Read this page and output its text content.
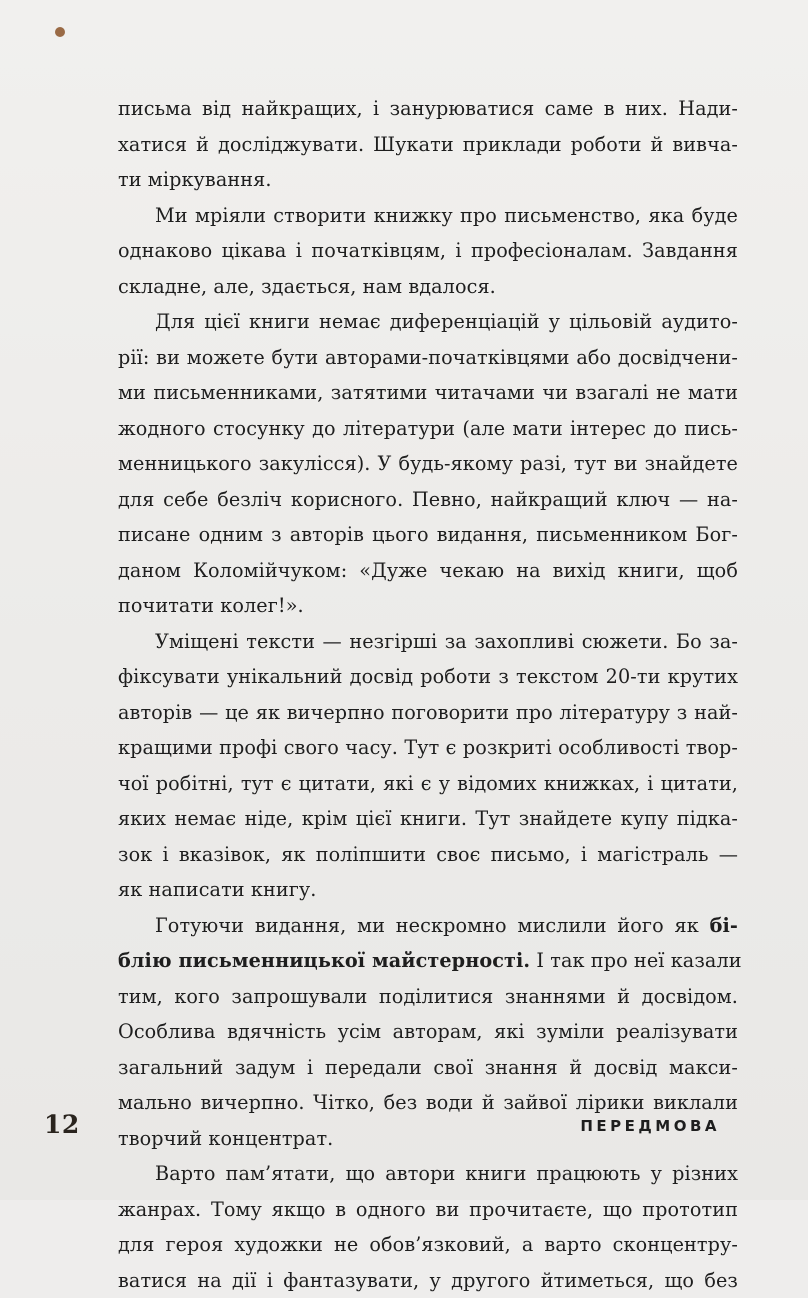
письма від найкращих, і занурюватися саме в них. Нади-
хатися й досліджувати. Шукати приклади роботи й вивча-
ти міркування.
Ми мріяли створити книжку про письменство, яка буде
однаково цікава і початківцям, і професіоналам. Завдання
складне, але, здається, нам вдалося.
Для цієї книги немає диференціацій у цільовій аудито-
рії: ви можете бути авторами-початківцями або досвідчени-
ми письменниками, затятими читачами чи взагалі не мати
жодного стосунку до літератури (але мати інтерес до пись-
менницького закулісся). У будь-якому разі, тут ви знайдете
для себе безліч корисного. Певно, найкращий ключ — на-
писане одним з авторів цього видання, письменником Бог-
даном Коломійчуком: «Дуже чекаю на вихід книги, щоб
почитати колег!».
Уміщені тексти — незгірші за захопливі сюжети. Бо за-
фіксувати унікальний досвід роботи з текстом 20-ти крутих
авторів — це як вичерпно поговорити про літературу з най-
кращими профі свого часу. Тут є розкриті особливості твор-
чої робітні, тут є цитати, які є у відомих книжках, і цитати,
яких немає ніде, крім цієї книги. Тут знайдете купу підка-
зок і вказівок, як поліпшити своє письмо, і магістраль —
як написати книгу.
Готуючи видання, ми нескромно мислили його як бі-
блію письменницької майстерності. І так про неї казали
тим, кого запрошували поділитися знаннями й досвідом.
Особлива вдячність усім авторам, які зуміли реалізувати
загальний задум і передали свої знання й досвід макси-
мально вичерпно. Чітко, без води й зайвої лірики виклали
творчий концентрат.
Варто пам’ятати, що автори книги працюють у різних
жанрах. Тому якщо в одного ви прочитаєте, що прототип
для героя художки не обов’язковий, а варто сконцентру-
ватися на дії і фантазувати, у другого йтиметься, що без
12	ПЕРЕДМОВА
